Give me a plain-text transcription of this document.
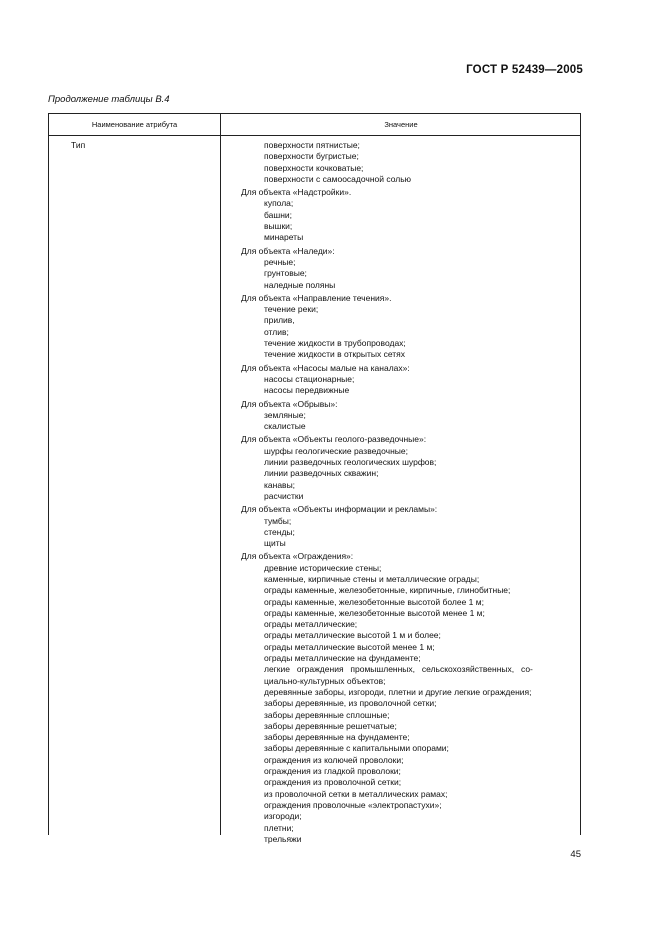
ГОСТ Р 52439—2005
Продолжение таблицы В.4
Наименование атрибута	Значение
Тип	поверхности пятнистые;
поверхности бугристые;
поверхности кочковатые;
поверхности с самоосадочной солью
Для объекта «Надстройки».
купола;
башни;
вышки;
минареты
Для объекта «Наледи»:
речные;
грунтовые;
наледные поляны
Для объекта «Направление течения».
течение реки;
прилив,
отлив;
течение жидкости в трубопроводах;
течение жидкости в открытых сетях
Для объекта «Насосы малые на каналах»:
насосы стационарные;
насосы передвижные
Для объекта «Обрывы»:
земляные;
скалистые
Для объекта «Объекты геолого-разведочные»:
шурфы геологические разведочные;
линии разведочных геологических шурфов;
линии разведочных скважин;
канавы;
расчистки
Для объекта «Объекты информации и рекламы»:
тумбы;
стенды;
щиты
Для объекта «Ограждения»:
древние исторические стены;
каменные, кирпичные стены и металлические ограды;
ограды каменные, железобетонные, кирпичные, глинобитные;
ограды каменные, железобетонные высотой более 1 м;
ограды каменные, железобетонные высотой менее 1 м;
ограды металлические;
ограды металлические высотой 1 м и более;
ограды металлические высотой менее 1 м;
ограды металлические на фундаменте;
легкие ограждения промышленных, сельскохозяйственных, со-
циально-культурных объектов;
деревянные заборы, изгороди, плетни и другие легкие ограждения;
заборы деревянные, из проволочной сетки;
заборы деревянные сплошные;
заборы деревянные решетчатые;
заборы деревянные на фундаменте;
заборы деревянные с капитальными опорами;
ограждения из колючей проволоки;
ограждения из гладкой проволоки;
ограждения из проволочной сетки;
из проволочной сетки в металлических рамах;
ограждения проволочные «электропастухи»;
изгороди;
плетни;
трельяжи
45
